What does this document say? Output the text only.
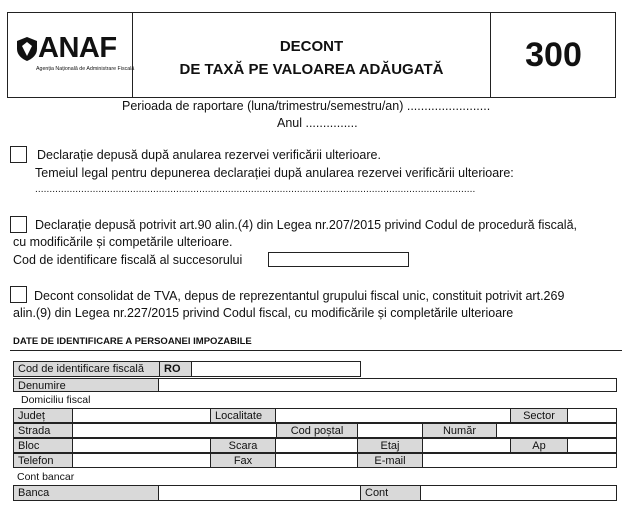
ANAF
Agenția Națională de Administrare Fiscală
DECONT
DE TAXĂ PE VALOAREA ADĂUGATĂ	300
Perioada de raportare (luna/trimestru/semestru/an) ........................
Anul ...............
Declarație depusă după anularea rezervei verificării ulterioare.
Temeiul legal pentru depunerea declarației după anularea rezervei verificării ulterioare:
.........................................................................................................................................................
Declarație depusă potrivit art.90 alin.(4) din Legea nr.207/2015 privind Codul de procedură fiscală,
cu modificările și competările ulterioare.
Cod de identificare fiscală al succesorului
Decont consolidat de TVA, depus de reprezentantul grupului fiscal unic, constituit potrivit art.269
alin.(9) din Legea nr.227/2015 privind Codul fiscal, cu modificările și completările ulterioare
DATE DE IDENTIFICARE A PERSOANEI IMPOZABILE
Cod de identificare fiscală	RO
Denumire
Domiciliu fiscal
Județ	Localitate	Sector
Strada	Cod poștal	Număr
Bloc	Scara	Etaj	Ap
Telefon	Fax	E-mail
Cont bancar
Banca	Cont
